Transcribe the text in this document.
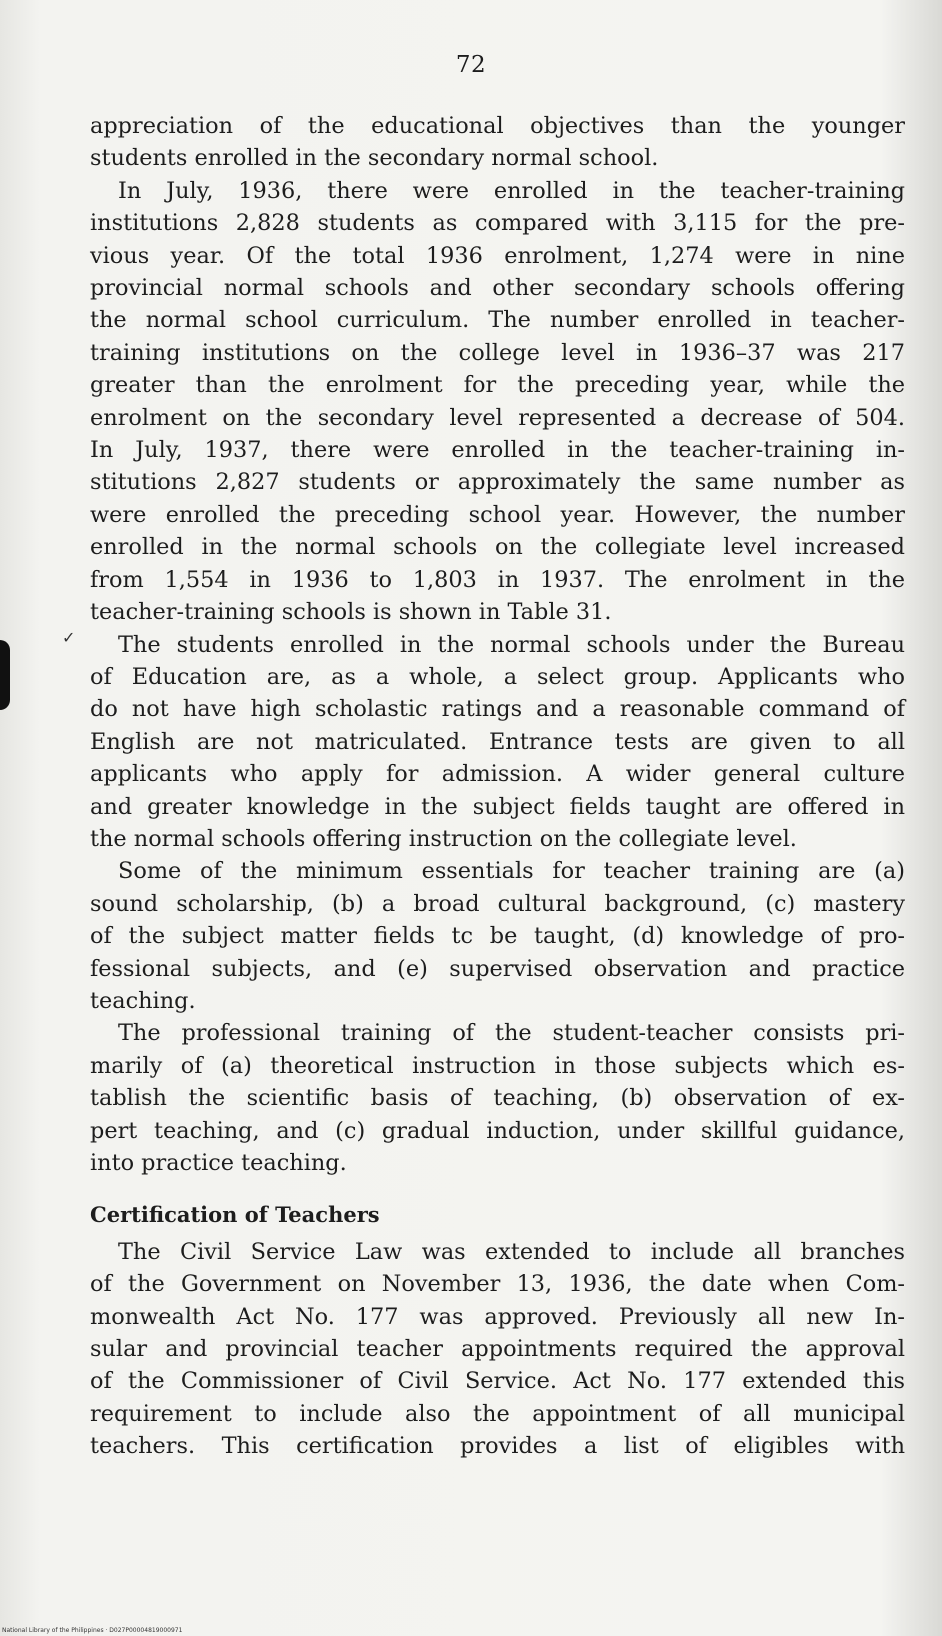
72
✓
appreciation of the educational objectives than the younger
students enrolled in the secondary normal school.
In July, 1936, there were enrolled in the teacher-training
institutions 2,828 students as compared with 3,115 for the pre-
vious year. Of the total 1936 enrolment, 1,274 were in nine
provincial normal schools and other secondary schools offering
the normal school curriculum. The number enrolled in teacher-
training institutions on the college level in 1936–37 was 217
greater than the enrolment for the preceding year, while the
enrolment on the secondary level represented a decrease of 504.
In July, 1937, there were enrolled in the teacher-training in-
stitutions 2,827 students or approximately the same number as
were enrolled the preceding school year. However, the number
enrolled in the normal schools on the collegiate level increased
from 1,554 in 1936 to 1,803 in 1937. The enrolment in the
teacher-training schools is shown in Table 31.
The students enrolled in the normal schools under the Bureau
of Education are, as a whole, a select group. Applicants who
do not have high scholastic ratings and a reasonable command of
English are not matriculated. Entrance tests are given to all
applicants who apply for admission. A wider general culture
and greater knowledge in the subject fields taught are offered in
the normal schools offering instruction on the collegiate level.
Some of the minimum essentials for teacher training are (a)
sound scholarship, (b) a broad cultural background, (c) mastery
of the subject matter fields tc be taught, (d) knowledge of pro-
fessional subjects, and (e) supervised observation and practice
teaching.
The professional training of the student-teacher consists pri-
marily of (a) theoretical instruction in those subjects which es-
tablish the scientific basis of teaching, (b) observation of ex-
pert teaching, and (c) gradual induction, under skillful guidance,
into practice teaching.
Certification of Teachers
The Civil Service Law was extended to include all branches
of the Government on November 13, 1936, the date when Com-
monwealth Act No. 177 was approved. Previously all new In-
sular and provincial teacher appointments required the approval
of the Commissioner of Civil Service. Act No. 177 extended this
requirement to include also the appointment of all municipal
teachers. This certification provides a list of eligibles with
National Library of the Philippines · D027P00004819000971
